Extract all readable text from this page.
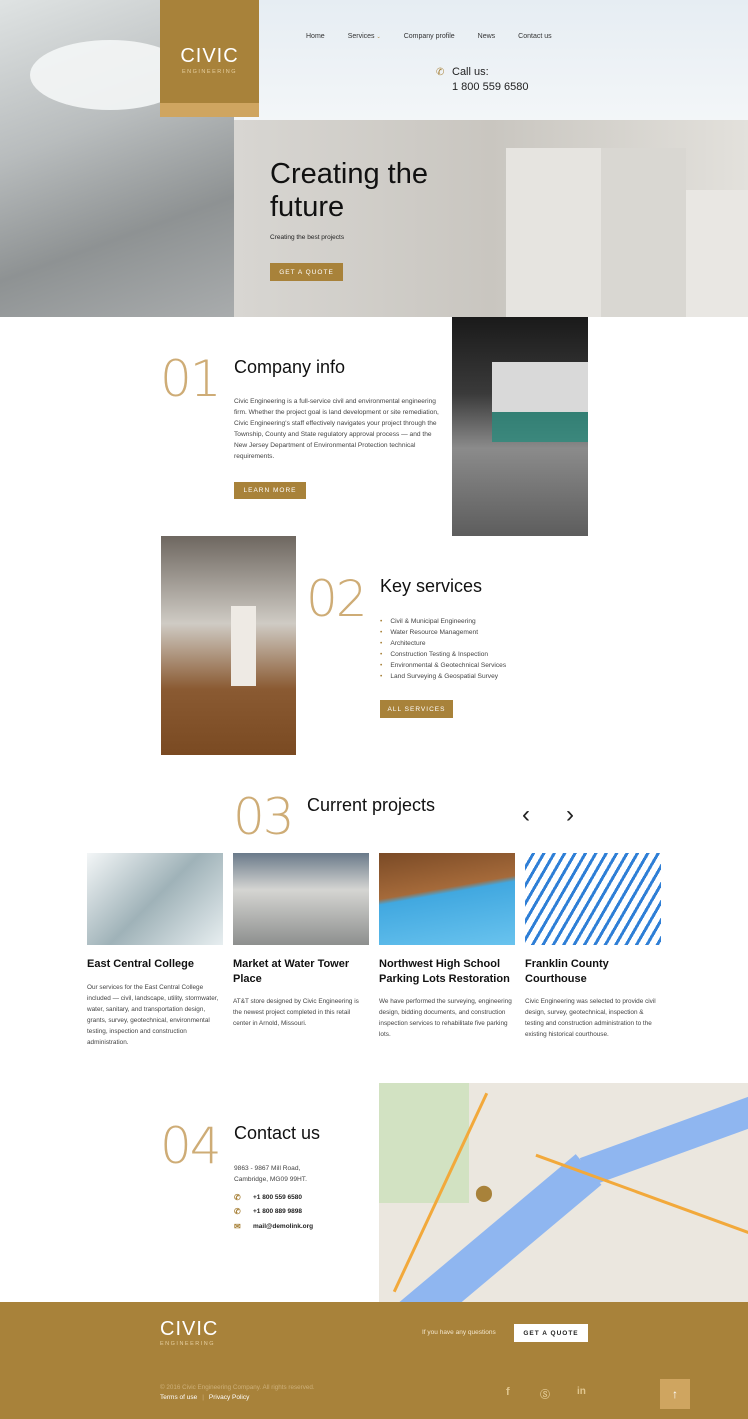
CIVIC
ENGINEERING
Home	Services ⌄	Company profile	News	Contact us
✆ Call us:
1 800 559 6580
Creating the future
Creating the best projects
GET A QUOTE
01 Company info
Civic Engineering is a full-service civil and environmental engineering firm. Whether the project goal is land development or site remediation, Civic Engineering's staff effectively navigates your project through the Township, County and State regulatory approval process — and the New Jersey Department of Environmental Protection technical requirements.
LEARN MORE
02 Key services
• Civil & Municipal Engineering
• Water Resource Management
• Architecture
• Construction Testing & Inspection
• Environmental & Geotechnical Services
• Land Surveying & Geospatial Survey
ALL SERVICES
03 Current projects	‹ ›
East Central College
Our services for the East Central College included — civil, landscape, utility, stormwater, water, sanitary, and transportation design, grants, survey, geotechnical, environmental testing, inspection and construction administration.
Market at Water Tower Place
AT&T store designed by Civic Engineering is the newest project completed in this retail center in Arnold, Missouri.
Northwest High School Parking Lots Restoration
We have performed the surveying, engineering design, bidding documents, and construction inspection services to rehabilitate five parking lots.
Franklin County Courthouse
Civic Engineering was selected to provide civil design, survey, geotechnical, inspection & testing and construction administration to the existing historical courthouse.
04 Contact us
9863 - 9867 Mill Road,
Cambridge, MG09 99HT.
✆	+1 800 559 6580
✆	+1 800 889 9898
✉	mail@demolink.org
⬤
CIVIC
ENGINEERING
If you have any questions	GET A QUOTE
© 2016 Civic Engineering Company. All rights reserved.
Terms of use | Privacy Policy	f	Ⓢ	in	↑
